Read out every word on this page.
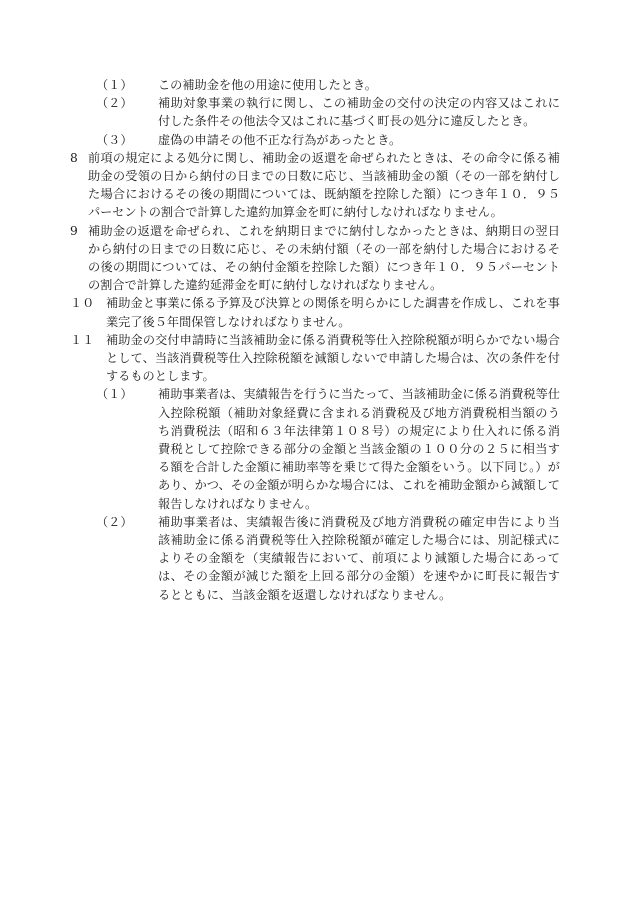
（１）	この補助金を他の用途に使用したとき。
（２）	補助対象事業の執行に関し、この補助金の交付の決定の内容又はこれに付した条件その他法令又はこれに基づく町長の処分に違反したとき。
（３）	虚偽の申請その他不正な行為があったとき。
8 前項の規定による処分に関し、補助金の返還を命ぜられたときは、その命令に係る補助金の受領の日から納付の日までの日数に応じ、当該補助金の額（その一部を納付した場合におけるその後の期間については、既納額を控除した額）につき年１０．９５パーセントの割合で計算した違約加算金を町に納付しなければなりません。
9 補助金の返還を命ぜられ、これを納期日までに納付しなかったときは、納期日の翌日から納付の日までの日数に応じ、その未納付額（その一部を納付した場合におけるその後の期間については、その納付金額を控除した額）につき年１０．９５パーセントの割合で計算した違約延滞金を町に納付しなければなりません。
１０ 補助金と事業に係る予算及び決算との関係を明らかにした調書を作成し、これを事業完了後５年間保管しなければなりません。
１１ 補助金の交付申請時に当該補助金に係る消費税等仕入控除税額が明らかでない場合として、当該消費税等仕入控除税額を減額しないで申請した場合は、次の条件を付するものとします。
（１）	補助事業者は、実績報告を行うに当たって、当該補助金に係る消費税等仕入控除税額（補助対象経費に含まれる消費税及び地方消費税相当額のうち消費税法（昭和６３年法律第１０８号）の規定により仕入れに係る消費税として控除できる部分の金額と当該金額の１００分の２５に相当する額を合計した金額に補助率等を乗じて得た金額をいう。以下同じ。）があり、かつ、その金額が明らかな場合には、これを補助金額から減額して報告しなければなりません。
（２）	補助事業者は、実績報告後に消費税及び地方消費税の確定申告により当該補助金に係る消費税等仕入控除税額が確定した場合には、別記様式によりその金額を（実績報告において、前項により減額した場合にあっては、その金額が減じた額を上回る部分の金額）を速やかに町長に報告するとともに、当該金額を返還しなければなりません。
